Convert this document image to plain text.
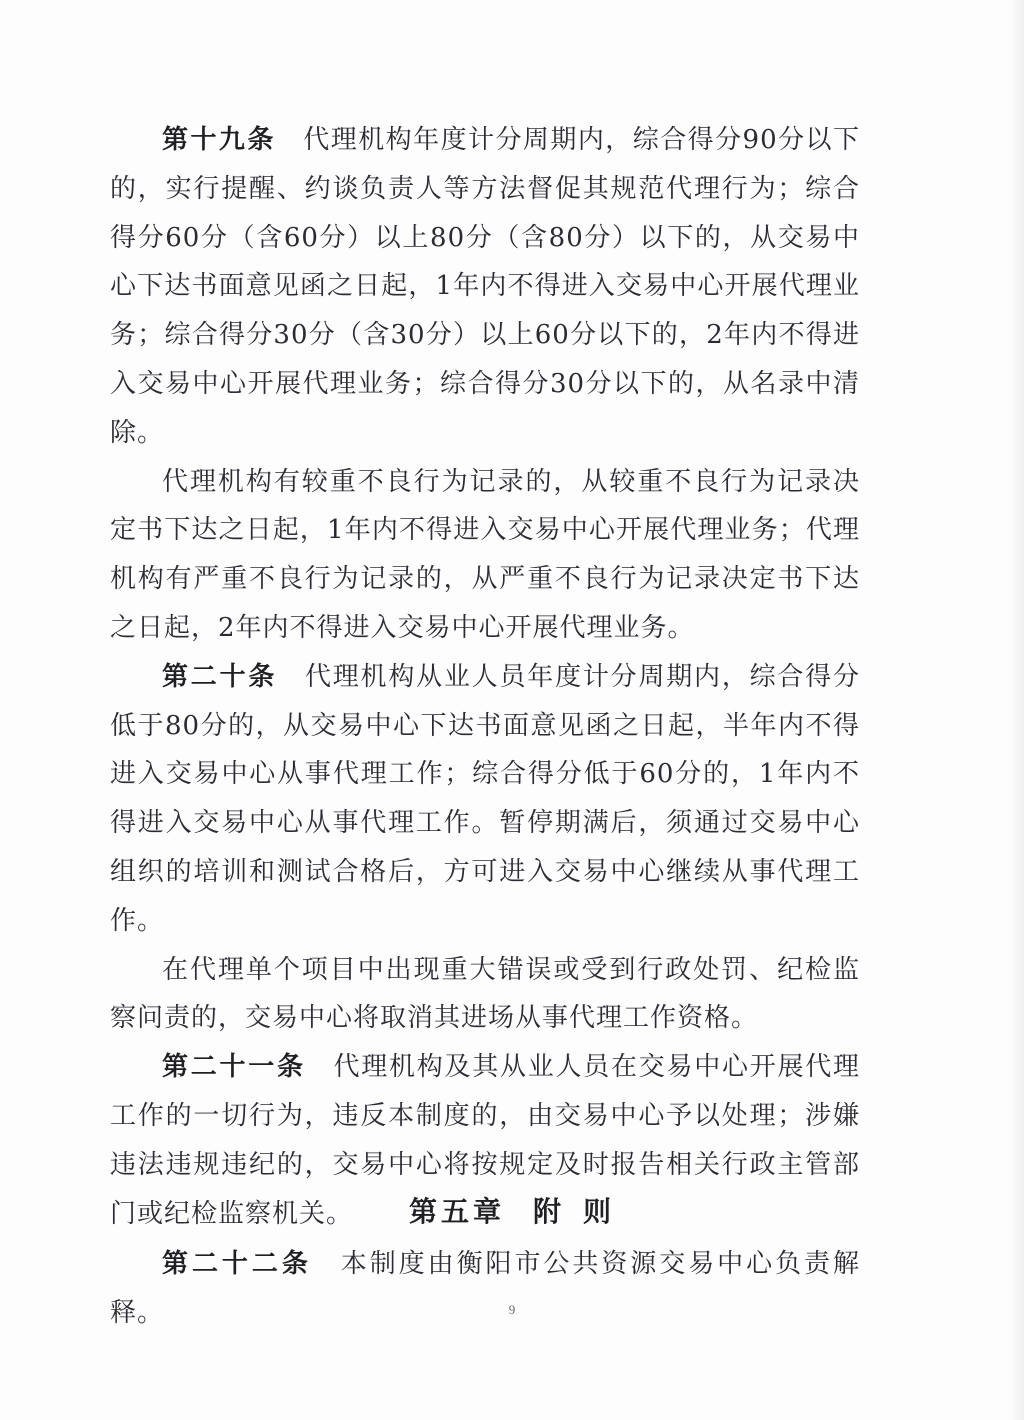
第十九条　 代理机构年度计分周期内，综合得分90分以下的，实行提醒、约谈负责人等方法督促其规范代理行为；综合得分60分（含60分）以上80分（含80分）以下的，从交易中心下达书面意见函之日起，1年内不得进入交易中心开展代理业务；综合得分30分（含30分）以上60分以下的，2年内不得进入交易中心开展代理业务；综合得分30分以下的，从名录中清除。

代理机构有较重不良行为记录的，从较重不良行为记录决定书下达之日起，1年内不得进入交易中心开展代理业务；代理机构有严重不良行为记录的，从严重不良行为记录决定书下达之日起，2年内不得进入交易中心开展代理业务。

第二十条　 代理机构从业人员年度计分周期内，综合得分低于80分的，从交易中心下达书面意见函之日起，半年内不得进入交易中心从事代理工作；综合得分低于60分的，1年内不得进入交易中心从事代理工作。暂停期满后，须通过交易中心组织的培训和测试合格后，方可进入交易中心继续从事代理工作。

在代理单个项目中出现重大错误或受到行政处罚、纪检监察问责的，交易中心将取消其进场从事代理工作资格。

第二十一条　 代理机构及其从业人员在交易中心开展代理工作的一切行为，违反本制度的，由交易中心予以处理；涉嫌违法违规违纪的，交易中心将按规定及时报告相关行政主管部门或纪检监察机关。	第五章 附 则

第二十二条　 本制度由衡阳市公共资源交易中心负责解释。	9
